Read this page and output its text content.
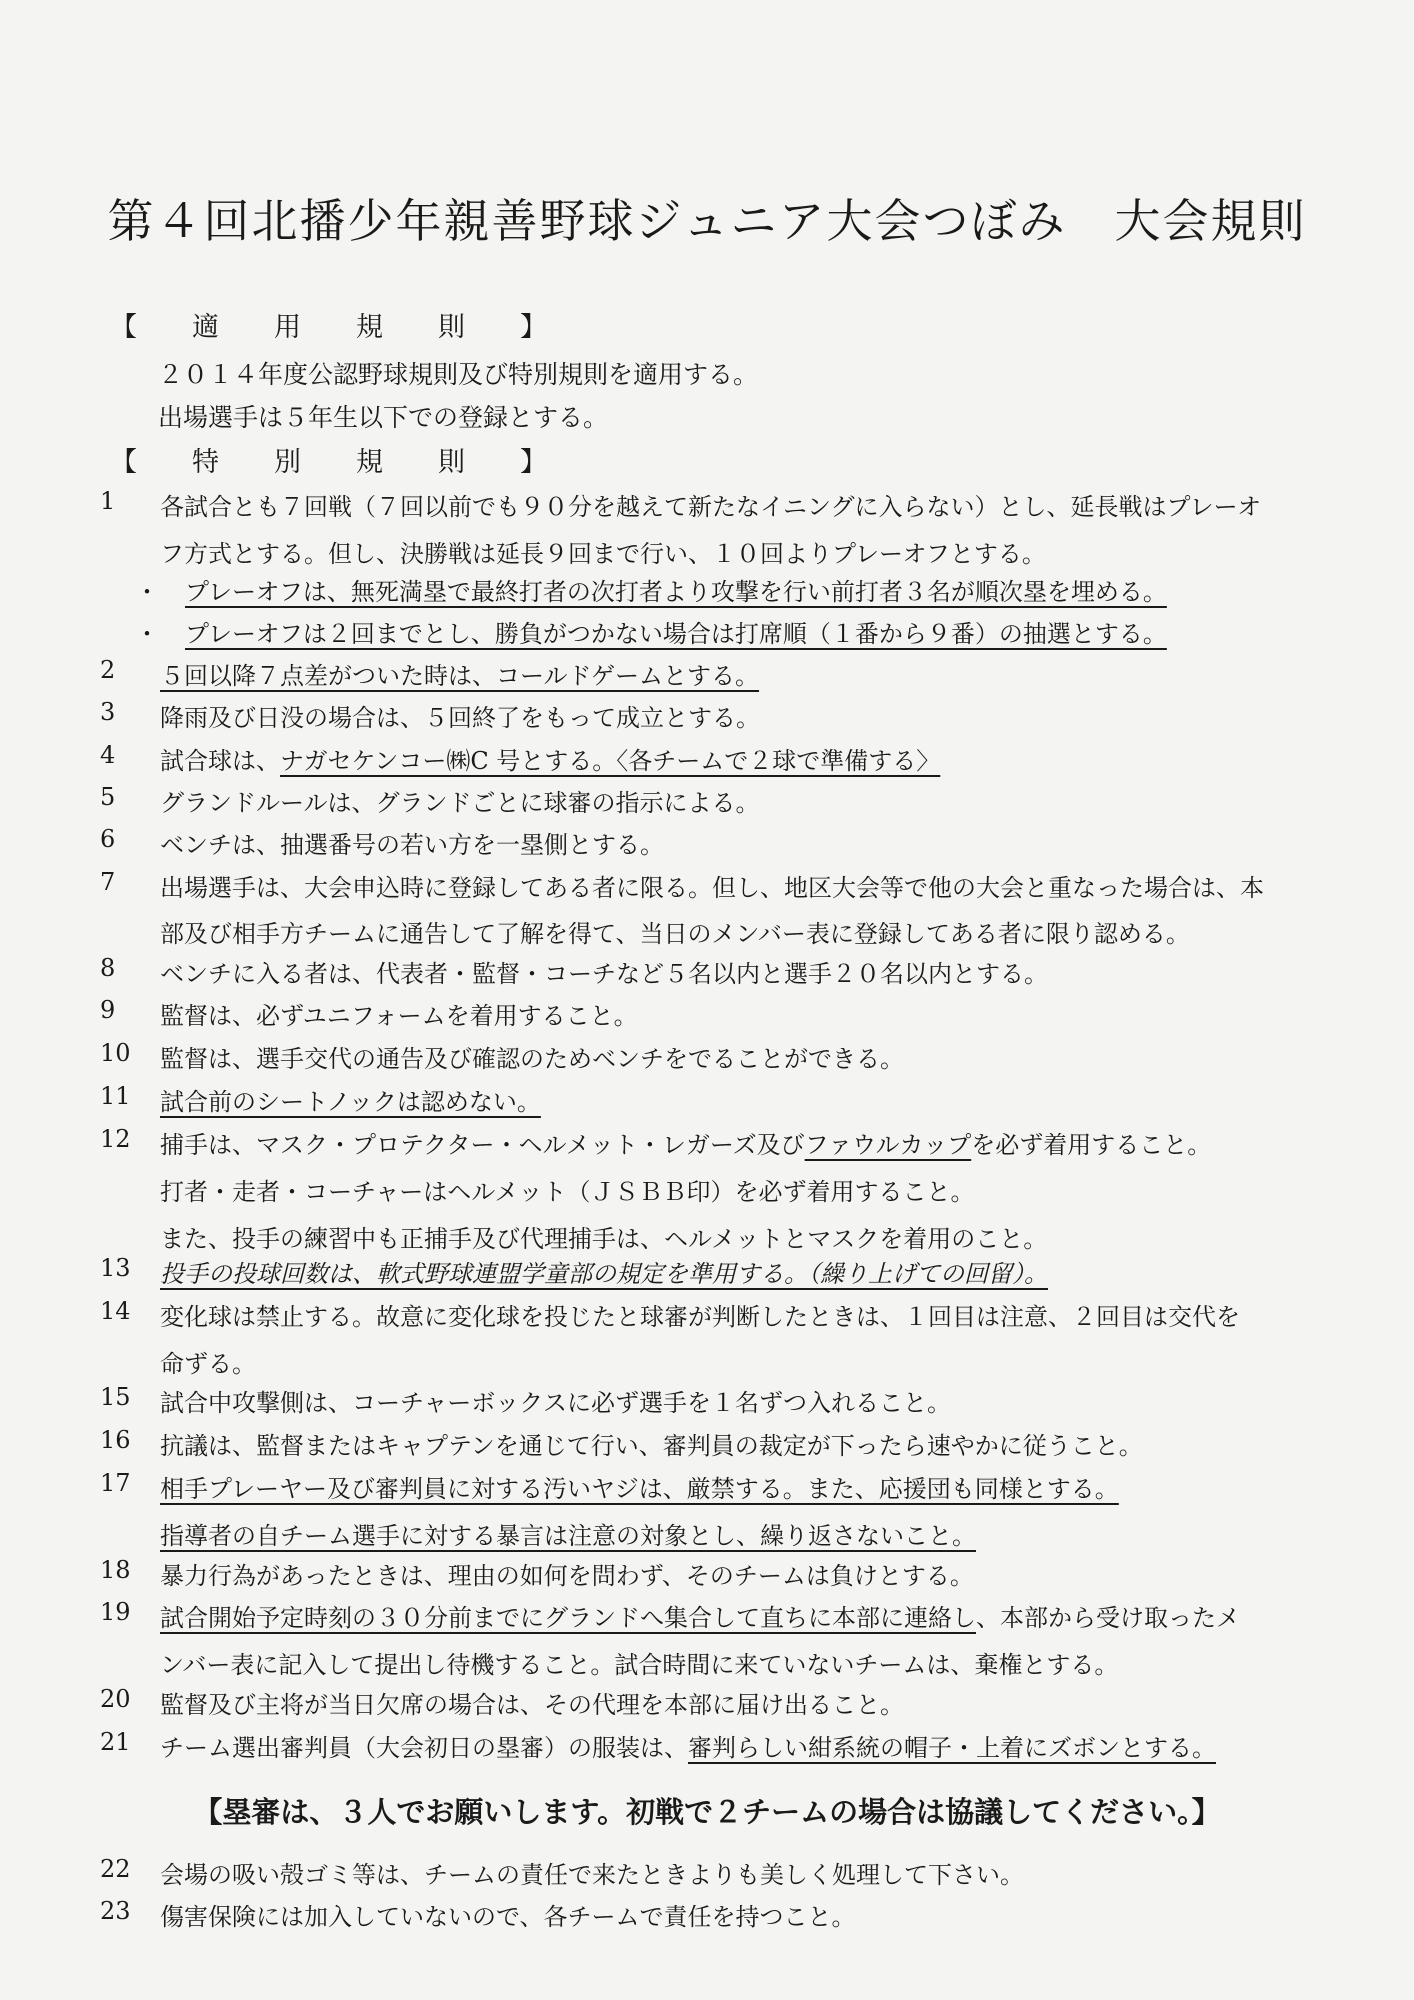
第４回北播少年親善野球ジュニア大会つぼみ　大会規則
【　適　用　規　則　】
２０１４年度公認野球規則及び特別規則を適用する。
出場選手は５年生以下での登録とする。
【　特　別　規　則　】
1 各試合とも７回戦（７回以前でも９０分を越えて新たなイニングに入らない）とし、延長戦はプレーオ
フ方式とする。但し、決勝戦は延長９回まで行い、１０回よりプレーオフとする。
・ プレーオフは、無死満塁で最終打者の次打者より攻撃を行い前打者３名が順次塁を埋める。
・ プレーオフは２回までとし、勝負がつかない場合は打席順（１番から９番）の抽選とする。
2 ５回以降７点差がついた時は、コールドゲームとする。
3 降雨及び日没の場合は、５回終了をもって成立とする。
4 試合球は、ナガセケンコー㈱C 号とする。〈各チームで２球で準備する〉
5 グランドルールは、グランドごとに球審の指示による。
6 ベンチは、抽選番号の若い方を一塁側とする。
7 出場選手は、大会申込時に登録してある者に限る。但し、地区大会等で他の大会と重なった場合は、本
部及び相手方チームに通告して了解を得て、当日のメンバー表に登録してある者に限り認める。
8 ベンチに入る者は、代表者・監督・コーチなど５名以内と選手２０名以内とする。
9 監督は、必ずユニフォームを着用すること。
10 監督は、選手交代の通告及び確認のためベンチをでることができる。
11 試合前のシートノックは認めない。
12 捕手は、マスク・プロテクター・ヘルメット・レガーズ及びファウルカップを必ず着用すること。
打者・走者・コーチャーはヘルメット（ＪＳＢＢ印）を必ず着用すること。
また、投手の練習中も正捕手及び代理捕手は、ヘルメットとマスクを着用のこと。
13 投手の投球回数は、軟式野球連盟学童部の規定を準用する。（繰り上げての回留）。
14 変化球は禁止する。故意に変化球を投じたと球審が判断したときは、１回目は注意、２回目は交代を
命ずる。
15 試合中攻撃側は、コーチャーボックスに必ず選手を１名ずつ入れること。
16 抗議は、監督またはキャプテンを通じて行い、審判員の裁定が下ったら速やかに従うこと。
17 相手プレーヤー及び審判員に対する汚いヤジは、厳禁する。また、応援団も同様とする。
指導者の自チーム選手に対する暴言は注意の対象とし、繰り返さないこと。
18 暴力行為があったときは、理由の如何を問わず、そのチームは負けとする。
19 試合開始予定時刻の３０分前までにグランドへ集合して直ちに本部に連絡し、本部から受け取ったメ
ンバー表に記入して提出し待機すること。試合時間に来ていないチームは、棄権とする。
20 監督及び主将が当日欠席の場合は、その代理を本部に届け出ること。
21 チーム選出審判員（大会初日の塁審）の服装は、審判らしい紺系統の帽子・上着にズボンとする。
【塁審は、３人でお願いします。初戦で２チームの場合は協議してください。】
22 会場の吸い殻ゴミ等は、チームの責任で来たときよりも美しく処理して下さい。
23 傷害保険には加入していないので、各チームで責任を持つこと。
